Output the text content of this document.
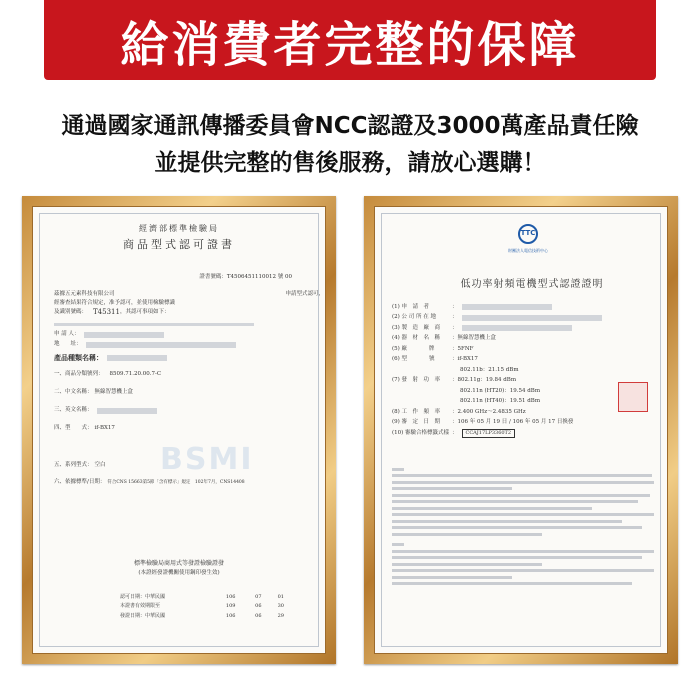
給消費者完整的保障
通過國家通訊傳播委員會NCC認證及3000萬產品責任險
並提供完整的售後服務，請放心選購！
經濟部標準檢驗局
商品型式認可證書
證書號碼：T4506451110012 號 00
茲據五元素科技有限公司	申請型式認可，
經審查結果符合規定，准予認可，並使用檢驗標識
及識別號碼： T45311 ，其認可事項如下：
申 請 人：
地　　址：
產品種類名稱：
一、商品分類號列： 8509.71.20.00.7-C
二、中文名稱： 無線智慧機上盒
三、英文名稱：
四、型　　式： if-BX17
五、系列型式： 空白
六、依據標準/日期： 符合CNS 15663第5節「含有標示」規定　102年7月，CNS14408
BSMI
標準檢驗局商用式等發證檢驗證發
(本證經發證機關使用鋼印發生效)
認可日期：中華民國	106	07	01
本證書有效期限至	109	06	30
發證日期：中華民國	106	06	29
TTC
財團法人電信技術中心
低功率射頻電機型式認證證明
(1) 申　請　者	：
(2) 公 司 所 在 地	：
(3) 製　造　廠　商	：
(4) 器　材　名　稱	： 無線智慧機上盒
(5) 廠　　　　牌	： 5FNF
(6) 型　　　　號	： if-BX17
802.11b：21.15 dBm
(7) 發　射　功　率	： 802.11g：19.84 dBm
802.11n (HT20)：19.54 dBm
802.11n (HT40)：19.51 dBm
(8) 工　作　頻　率	： 2.400 GHz～2.4835 GHz
(9) 審　定　日　期	： 106 年 05 月 19 日 / 106 年 05 月 17 日換發
(10) 審驗合格標籤式樣 ：	CCAJ17LP3360T2
